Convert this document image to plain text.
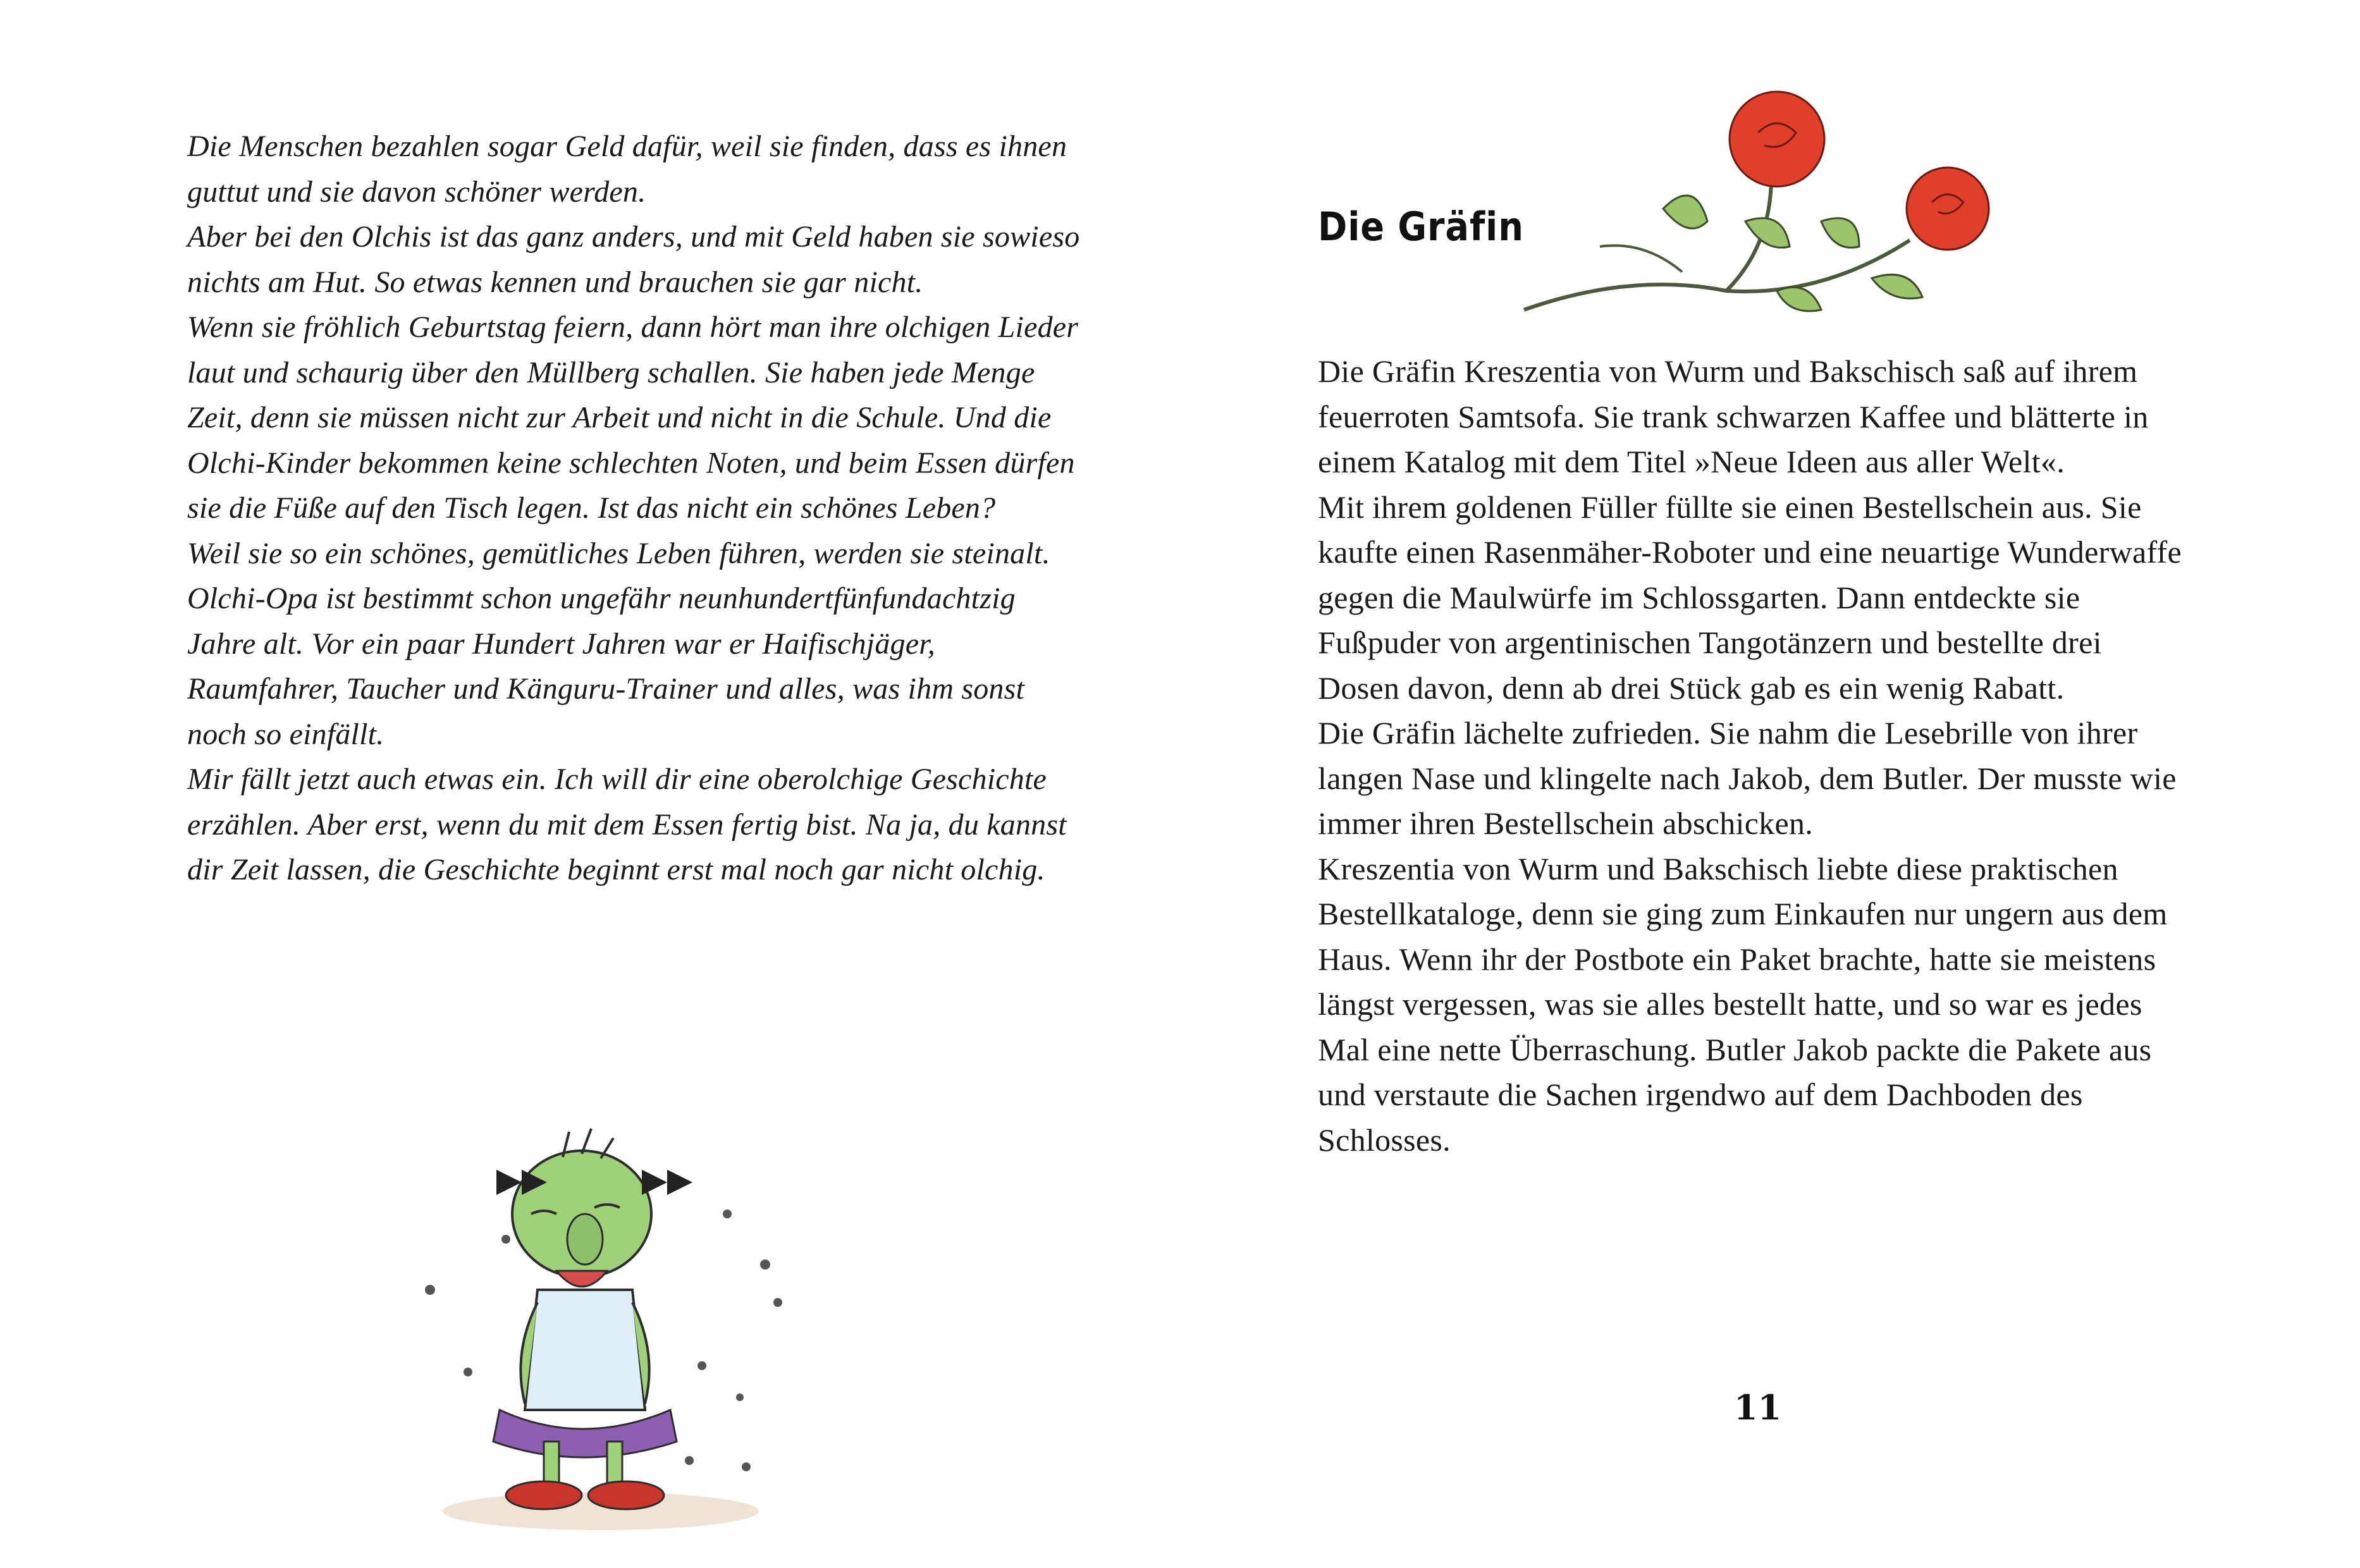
Die Menschen bezahlen sogar Geld dafür, weil sie finden, dass es ihnen guttut und sie davon schöner werden.

Aber bei den Olchis ist das ganz anders, und mit Geld haben sie sowieso nichts am Hut. So etwas kennen und brauchen sie gar nicht.

Wenn sie fröhlich Geburtstag feiern, dann hört man ihre olchigen Lieder laut und schaurig über den Müllberg schallen. Sie haben jede Menge Zeit, denn sie müssen nicht zur Arbeit und nicht in die Schule. Und die Olchi-Kinder bekommen keine schlechten Noten, und beim Essen dürfen sie die Füße auf den Tisch legen. Ist das nicht ein schönes Leben?

Weil sie so ein schönes, gemütliches Leben führen, werden sie steinalt. Olchi-Opa ist bestimmt schon ungefähr neunhundertfünfundachtzig Jahre alt. Vor ein paar Hundert Jahren war er Haifischjäger, Raumfahrer, Taucher und Känguru-Trainer und alles, was ihm sonst noch so einfällt.

Mir fällt jetzt auch etwas ein. Ich will dir eine oberolchige Geschichte erzählen. Aber erst, wenn du mit dem Essen fertig bist. Na ja, du kannst dir Zeit lassen, die Geschichte beginnt erst mal noch gar nicht olchig.

Die Gräfin

Die Gräfin Kreszentia von Wurm und Bakschisch saß auf ihrem feuerroten Samtsofa. Sie trank schwarzen Kaffee und blätterte in einem Katalog mit dem Titel »Neue Ideen aus aller Welt«.

Mit ihrem goldenen Füller füllte sie einen Bestellschein aus. Sie kaufte einen Rasenmäher-Roboter und eine neuartige Wunderwaffe gegen die Maulwürfe im Schlossgarten. Dann entdeckte sie Fußpuder von argentinischen Tangotänzern und bestellte drei Dosen davon, denn ab drei Stück gab es ein wenig Rabatt.

Die Gräfin lächelte zufrieden. Sie nahm die Lesebrille von ihrer langen Nase und klingelte nach Jakob, dem Butler. Der musste wie immer ihren Bestellschein abschicken.

Kreszentia von Wurm und Bakschisch liebte diese praktischen Bestellkataloge, denn sie ging zum Einkaufen nur ungern aus dem Haus. Wenn ihr der Postbote ein Paket brachte, hatte sie meistens längst vergessen, was sie alles bestellt hatte, und so war es jedes Mal eine nette Überraschung. Butler Jakob packte die Pakete aus und verstaute die Sachen irgendwo auf dem Dachboden des Schlosses.

11
